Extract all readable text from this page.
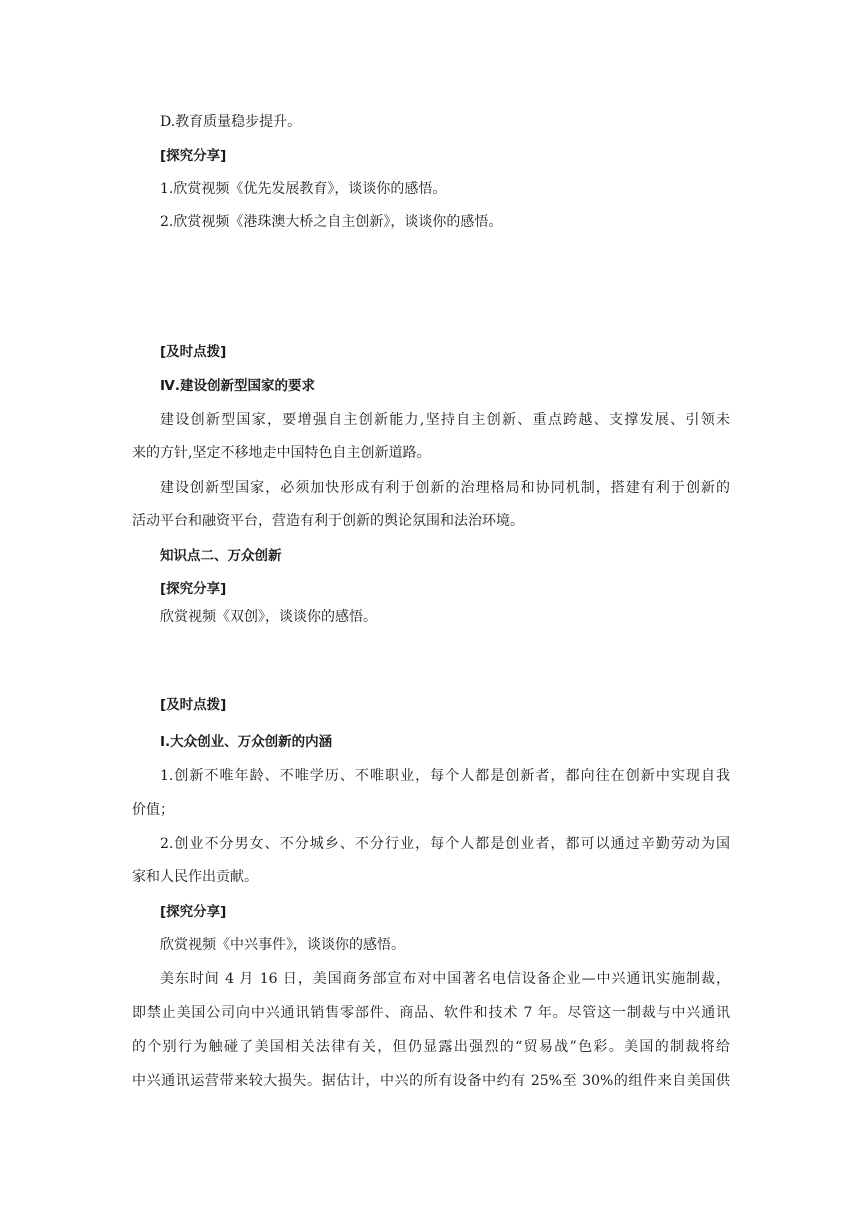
D.教育质量稳步提升。
[探究分享]
1.欣赏视频《优先发展教育》，谈谈你的感悟。
2.欣赏视频《港珠澳大桥之自主创新》，谈谈你的感悟。
[及时点拨]
Ⅳ.建设创新型国家的要求
建设创新型国家，要增强自主创新能力,坚持自主创新、重点跨越、支撑发展、引领未
来的方针,坚定不移地走中国特色自主创新道路。
建设创新型国家，必须加快形成有利于创新的治理格局和协同机制，搭建有利于创新的
活动平台和融资平台，营造有利于创新的舆论氛围和法治环境。
知识点二、万众创新
[探究分享]
欣赏视频《双创》，谈谈你的感悟。
[及时点拨]
Ⅰ.大众创业、万众创新的内涵
1.创新不唯年龄、不唯学历、不唯职业，每个人都是创新者，都向往在创新中实现自我
价值；
2.创业不分男女、不分城乡、不分行业，每个人都是创业者，都可以通过辛勤劳动为国
家和人民作出贡献。
[探究分享]
欣赏视频《中兴事件》，谈谈你的感悟。
美东时间 4 月 16 日，美国商务部宣布对中国著名电信设备企业—中兴通讯实施制裁，
即禁止美国公司向中兴通讯销售零部件、商品、软件和技术 7 年。尽管这一制裁与中兴通讯
的个别行为触碰了美国相关法律有关，但仍显露出强烈的“贸易战”色彩。美国的制裁将给
中兴通讯运营带来较大损失。据估计，中兴的所有设备中约有 25%至 30%的组件来自美国供
